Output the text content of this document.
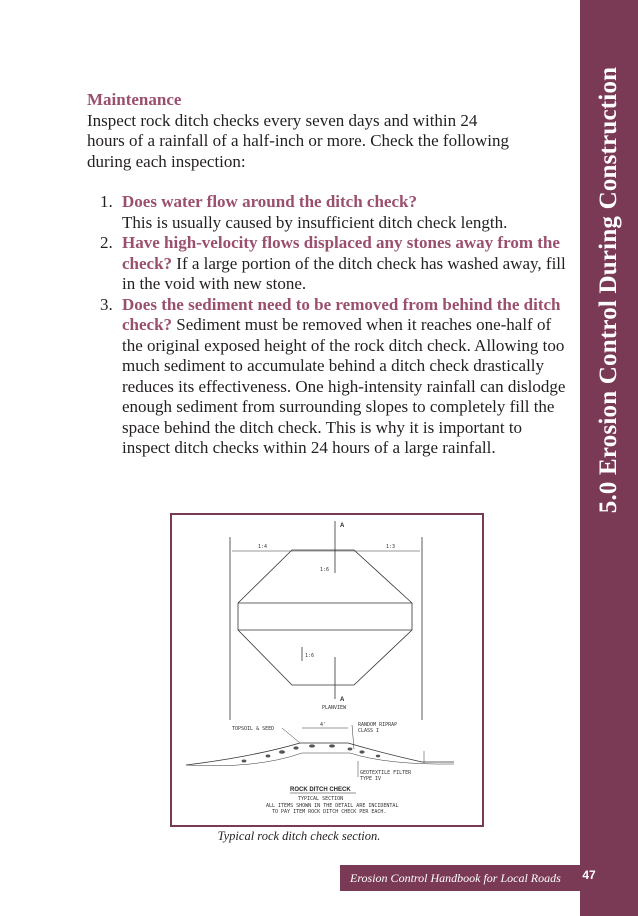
5.0 Erosion Control During Construction
Maintenance
Inspect rock ditch checks every seven days and within 24
hours of a rainfall of a half-inch or more. Check the following
during each inspection:
1. Does water flow around the ditch check?
This is usually caused by insufficient ditch check length.
2. Have high-velocity flows displaced any stones away from the check? If a large portion of the ditch check has washed away, fill in the void with new stone.
3. Does the sediment need to be removed from behind the ditch check? Sediment must be removed when it reaches one-half of the original exposed height of the rock ditch check. Allowing too much sediment to accumulate behind a ditch check drastically reduces its effectiveness. One high-intensity rainfall can dislodge enough sediment from surrounding slopes to completely fill the space behind the ditch check. This is why it is important to inspect ditch checks within 24 hours of a large rainfall.
A
A
1:4	1:3
1:6
1:6
PLANVIEW
TOPSOIL & SEED
RANDOM RIPRAP
CLASS I
4'
GEOTEXTILE FILTER
TYPE IV
ROCK DITCH CHECK
TYPICAL SECTION
ALL ITEMS SHOWN IN THE DETAIL ARE INCIDENTAL
TO PAY ITEM ROCK DITCH CHECK PER EACH.
Typical rock ditch check section.
Erosion Control Handbook for Local Roads 47
